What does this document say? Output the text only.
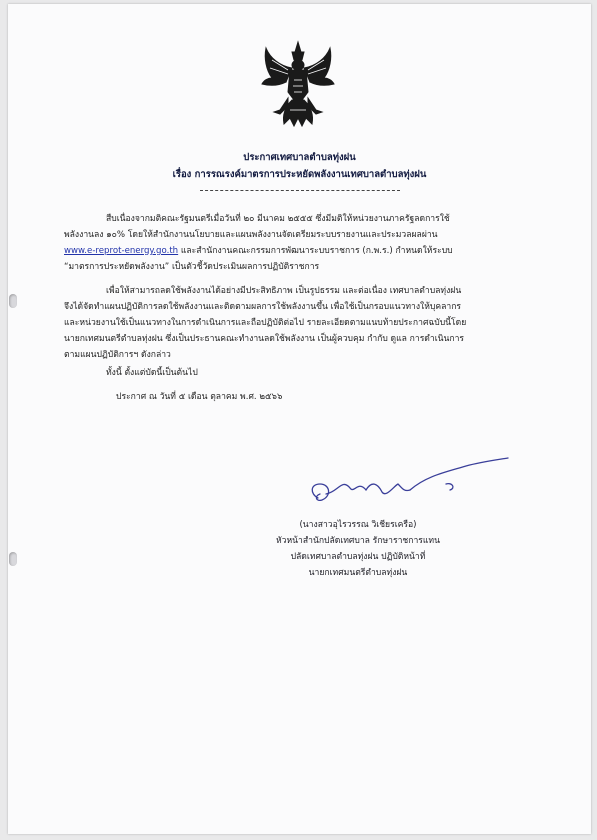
ประกาศเทศบาลตำบลทุ่งฝน
เรื่อง การรณรงค์มาตรการประหยัดพลังงานเทศบาลตำบลทุ่งฝน
สืบเนื่องจากมติคณะรัฐมนตรีเมื่อวันที่ ๒๐ มีนาคม ๒๕๕๕ ซึ่งมีมติให้หน่วยงานภาครัฐลดการใช้
พลังงานลง ๑๐% โดยให้สำนักงานนโยบายและแผนพลังงานจัดเตรียมระบบรายงานและประมวลผลผ่าน
www.e-reprot-energy.go.th และสำนักงานคณะกรรมการพัฒนาระบบราชการ (ก.พ.ร.) กำหนดให้ระบบ
“มาตรการประหยัดพลังงาน” เป็นตัวชี้วัดประเมินผลการปฏิบัติราชการ
เพื่อให้สามารถลดใช้พลังงานได้อย่างมีประสิทธิภาพ เป็นรูปธรรม และต่อเนื่อง เทศบาลตำบลทุ่งฝน
จึงได้จัดทำแผนปฏิบัติการลดใช้พลังงานและติดตามผลการใช้พลังงานขึ้น เพื่อใช้เป็นกรอบแนวทางให้บุคลากร
และหน่วยงานใช้เป็นแนวทางในการดำเนินการและถือปฏิบัติต่อไป รายละเอียดตามแนบท้ายประกาศฉบับนี้โดย
นายกเทศมนตรีตำบลทุ่งฝน ซึ่งเป็นประธานคณะทำงานลดใช้พลังงาน เป็นผู้ควบคุม กำกับ ดูแล การดำเนินการ
ตามแผนปฏิบัติการฯ ดังกล่าว
ทั้งนี้ ตั้งแต่บัดนี้เป็นต้นไป
ประกาศ ณ วันที่ ๕ เดือน ตุลาคม พ.ศ. ๒๕๖๖
(นางสาวอุไรวรรณ วิเชียรเครือ)
หัวหน้าสำนักปลัดเทศบาล รักษาราชการแทน
ปลัดเทศบาลตำบลทุ่งฝน ปฏิบัติหน้าที่
นายกเทศมนตรีตำบลทุ่งฝน
